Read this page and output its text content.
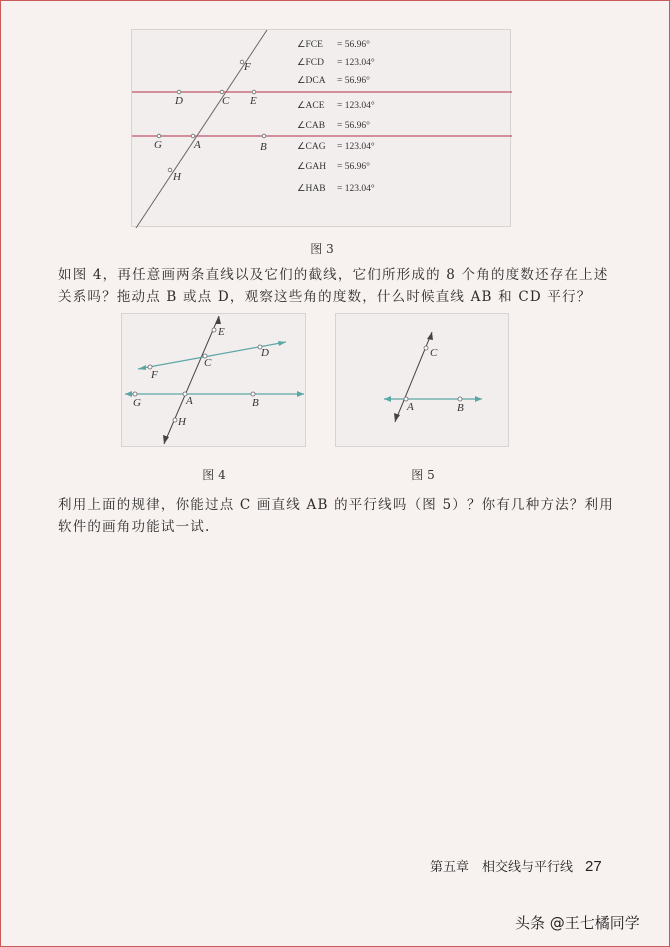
F
D	C E
G	A	B
H
∠FCE = 56.96°
∠FCD = 123.04°
∠DCA = 56.96°
∠ACE = 123.04°
∠CAB = 56.96°
∠CAG = 123.04°
∠GAH = 56.96°
∠HAB = 123.04°
图 3
如图 4，再任意画两条直线以及它们的截线，它们所形成的 8 个角的度数还存在上述关系吗？拖动点 B 或点 D，观察这些角的度数，什么时候直线 AB 和 CD 平行？
E
D
C
F
G	A	B
H
图 4
C
A	B
图 5
利用上面的规律，你能过点 C 画直线 AB 的平行线吗（图 5）？你有几种方法？利用软件的画角功能试一试.
第五章　相交线与平行线 27
头条 @王七橘同学
